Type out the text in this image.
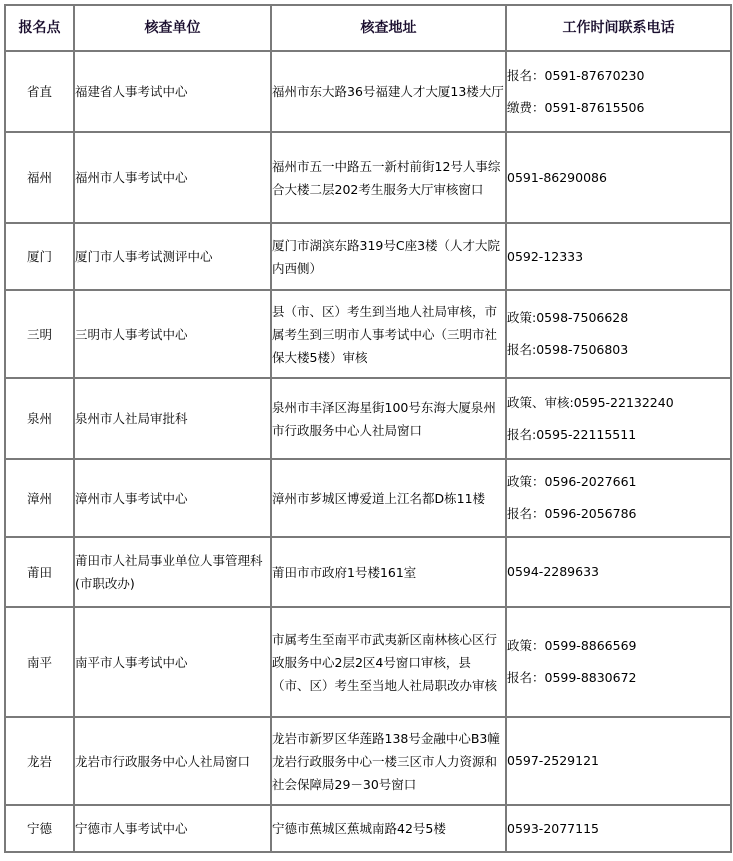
报名点	核查单位	核查地址	工作时间联系电话
省直	福建省人事考试中心	福州市东大路36号福建人才大厦13楼大厅	报名：0591-87670230
缴费：0591-87615506

福州	福州市人事考试中心	福州市五一中路五一新村前街12号人事综合大楼二层202考生服务大厅审核窗口	0591-86290086

厦门	厦门市人事考试测评中心	厦门市湖滨东路319号C座3楼（人才大院内西侧）	0592-12333

三明	三明市人事考试中心	县（市、区）考生到当地人社局审核，市属考生到三明市人事考试中心（三明市社保大楼5楼）审核	政策:0598-7506628
报名:0598-7506803

泉州	泉州市人社局审批科	泉州市丰泽区海星街100号东海大厦泉州市行政服务中心人社局窗口	政策、审核:0595-22132240
报名:0595-22115511

漳州	漳州市人事考试中心	漳州市芗城区博爱道上江名都D栋11楼	政策：0596-2027661
报名：0596-2056786

莆田	莆田市人社局事业单位人事管理科(市职改办)	莆田市市政府1号楼161室	0594-2289633

南平	南平市人事考试中心	市属考生至南平市武夷新区南林核心区行政服务中心2层2区4号窗口审核，县（市、区）考生至当地人社局职改办审核	政策：0599-8866569
报名：0599-8830672

龙岩	龙岩市行政服务中心人社局窗口	龙岩市新罗区华莲路138号金融中心B3幢龙岩行政服务中心一楼三区市人力资源和社会保障局29－30号窗口	0597-2529121

宁德	宁德市人事考试中心	宁德市蕉城区蕉城南路42号5楼	0593-2077115
